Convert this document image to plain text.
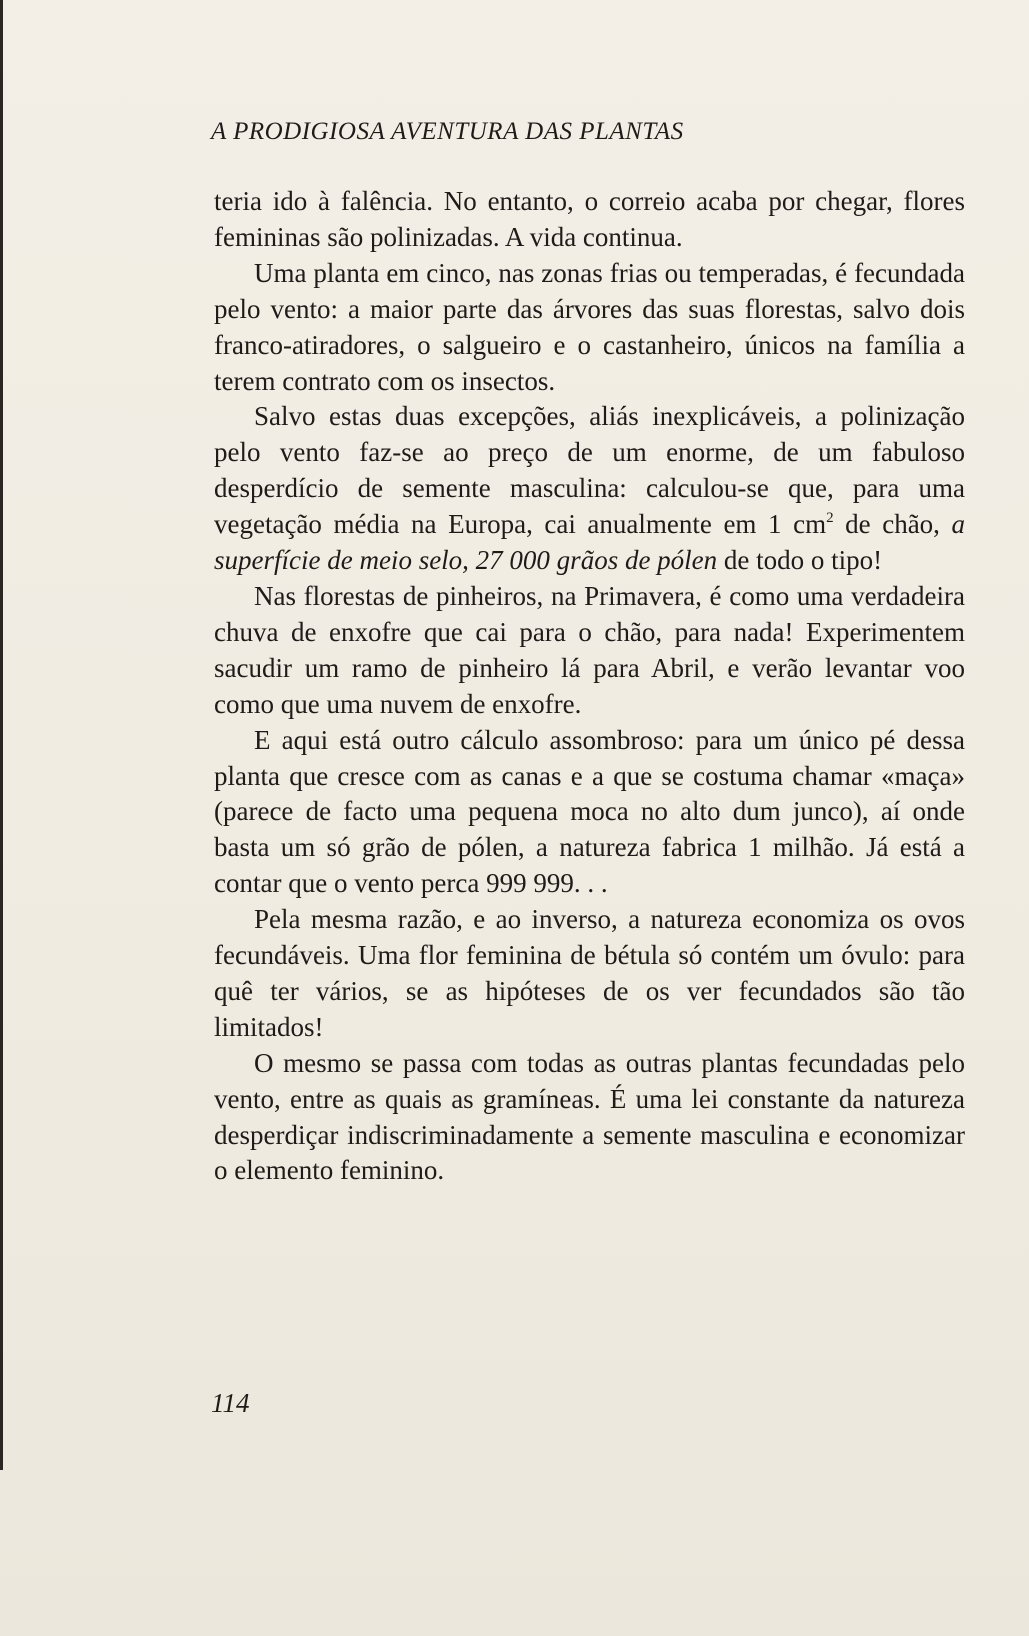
A PRODIGIOSA AVENTURA DAS PLANTAS

teria ido à falência. No entanto, o correio acaba por chegar, flores femininas são polinizadas. A vida continua.

Uma planta em cinco, nas zonas frias ou temperadas, é fecundada pelo vento: a maior parte das árvores das suas florestas, salvo dois franco-atiradores, o salgueiro e o castanheiro, únicos na família a terem contrato com os insectos.

Salvo estas duas excepções, aliás inexplicáveis, a polinização pelo vento faz-se ao preço de um enorme, de um fabuloso desperdício de semente masculina: calculou-se que, para uma vegetação média na Europa, cai anualmente em 1 $cm^2$ de chão, a superfície de meio selo, 27 000 grãos de pólen de todo o tipo!

Nas florestas de pinheiros, na Primavera, é como uma verdadeira chuva de enxofre que cai para o chão, para nada! Experimentem sacudir um ramo de pinheiro lá para Abril, e verão levantar voo como que uma nuvem de enxofre.

E aqui está outro cálculo assombroso: para um único pé dessa planta que cresce com as canas e a que se costuma chamar «maça» (parece de facto uma pequena moca no alto dum junco), aí onde basta um só grão de pólen, a natureza fabrica 1 milhão. Já está a contar que o vento perca 999 999. . .

Pela mesma razão, e ao inverso, a natureza economiza os ovos fecundáveis. Uma flor feminina de bétula só contém um óvulo: para quê ter vários, se as hipóteses de os ver fecundados são tão limitados!

O mesmo se passa com todas as outras plantas fecundadas pelo vento, entre as quais as gramíneas. É uma lei constante da natureza desperdiçar indiscriminadamente a semente masculina e economizar o elemento feminino.

114
